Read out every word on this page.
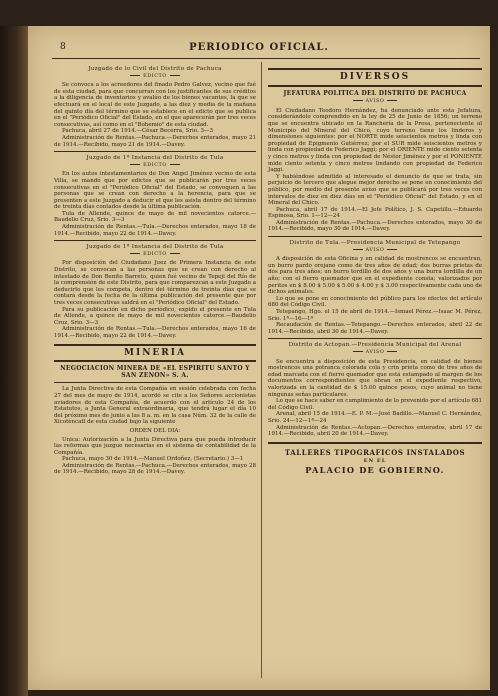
8	PERIODICO OFICIAL.
Juzgado de lo Civil del Distrito de Pachuca
EDICTO

Se convoca a los acreedores del finado Pedro Galvez, vecino que fué de esta ciudad, para que concurran con los justificantes de sus créditos a la diligencia de inventarios y avalúo de los bienes vacantes, la que se efectuará en el local de este Juzgado, a las diez y media de la mañana del quinto día del término que se establece en el edicto que se publica en el "Periódico Oficial" del Estado, en el que aparecerán por tres veces consecutivas, así como en el "Bohemio" de esta ciudad.

Pachuca, abril 27 de 1914.—César Becerra, Srio. 3—3

Administración de Rentas.—Pachuca.—Derechos enterados, mayo 21 de 1914.—Recibido, mayo 21 de 1914.—Davey.

Juzgado de 1ª Instancia del Distrito de Tula
EDICTO

En los autos intestamentarios de Don Angel Jiménez vecino de esta Villa, se mandó que por edictos que se publicarán por tres veces consecutivas en el "Periódico Oficial" del Estado, se convoquen a las personas que se crean con derecho a la herencia, para que se presenten a este Juzgado a deducir el que les asista dentro del término de treinta días contados desde la última publicación.

Tula de Allende, quince de mayo de mil novecientos catorce.—Baudelio Cruz, Srio. 3—3

Administración de Rentas.—Tula.—Derechos enterados, mayo 18 de 1914.—Recibido, mayo 22 de 1914.—Davey.

Juzgado de 1ª Instancia del Distrito de Tula
EDICTO

Por disposición del Ciudadano Juez de Primera Instancia de este Distrito, se convocan a las personas que se crean con derecho al intestado de Don Benito Barreto, quien fué vecino de Tepeji del Río de la comprensión de este Distrito, para que comparezcan a este Juzgado a deducirlo que les competa, dentro del término de treinta días que se contará desde la fecha de la última publicación del presente que por tres veces consecutivas saldrá en el "Periódico Oficial" del Estado.

Para su publicación en dicho periódico, expido el presente en Tula de Allende, a quince de mayo de mil novecientos catorce.—Baudelio Cruz, Srio. 3—3

Administración de Rentas.—Tula.—Derechos enterados, mayo 16 de 1914.—Recibido, mayo 22 de 1914.—Davey.

MINERIA
NEGOCIACION MINERA DE «EL ESPIRITU SANTO Y SAN ZENON» S. A.

La Junta Directiva de esta Compañía en sesión celebrada con fecha 27 del mes de mayo de 1914, acordó se cite a los Señores accionistas aviadores de esta Compañía, de acuerdo con el artículo 24 de los Estatutos, a Junta General extraordinaria, que tendrá lugar el día 10 del próximo mes de junio a las 8 a. m. en la casa Núm. 32 de la calle de Xicoténcatl de esta ciudad bajo la siguiente

ORDEN DEL DIA:

Unica: Autorización a la Junta Directiva para que pueda introducir las reformas que juzgue necesarias en el sistema de contabilidad de la Compañía.

Pachuca, mayo 30 de 1914.—Manuel Ordoñez, (Secretario.) 3—1

Administración de Rentas.—Pachuca.—Derechos enterados, mayo 28 de 1914.—Recibido, mayo 28 de 1914.—Davey.

DIVERSOS
JEFATURA POLITICA DEL DISTRITO DE PACHUCA
AVISO

El Ciudadano Teodoro Hernández, ha denunciado ante esta Jefatura, considerándolo comprendido en la ley de 25 de Junio de 1856; un terreno que se encuentra ubicado en la Ranchería de la Presa, perteneciente al Municipio del Mineral del Chico, cuyo terreno tiene los linderos y dimensiones siguientes: por el NORTE mide seiscientos metros y linda con propiedad de Epigmenio Gutiérrez; por el SUR mide seiscientos metros y linda con propiedad de Federico Jaggi; por el ORIENTE mide ciento setenta y cinco metros y linda con propiedad de Néstor Jiménez y por el PONIENTE mide ciento setenta y cinco metros lindando con propiedad de Federico Jaggi.

Y habiéndose admitido al interesado el denuncio de que se trata, sin perjuicio de tercero que alegue mejor derecho se pone en conocimiento del público, por medio del presente aviso que se publicará por tres veces con intervalos de diez en diez días en el "Periódico Oficial" del Estado, y en el Mineral del Chico.

Pachuca, abril 17 de 1914.—El Jefe Político, J. S. Capetillo.—Eduardo Espinosa, Srio. 1—12—24

Administración de Rentas.—Pachuca.—Derechos enterados, mayo 30 de 1914.—Recibido, mayo 30 de 1914.—Davey.

Distrito de Tula.—Presidencia Municipal de Tetepango
AVISO

A disposición de esta Oficina y en calidad de mostrencos se encuentran, un burro pardo orejano como de tres años de edad; dos burras prietas de dos para tres años; un burro tordillo de dos años y una burra tordilla de un año; con el fierro quemador que en el expediente consta; valorizados por peritos en $ 8.00 $ 5.00 $ 5.00 $ 4.00 y $ 3.00 respectivamente cada uno de dichos animales.

Lo que se pone en conocimiento del público para los efectos del artículo 680 del Código Civil.

Tetepango, Hgo. el 15 de abril de 1914.—Ismael Pérez.—Isaac M. Pérez, Srio. 1ª—16—1ª

Recaudación de Rentas.—Tetepango.—Derechos enterados, abril 22 de 1914.—Recibido, abril 30 de 1914.—Davey.

Distrito de Actopan.—Presidencia Municipal del Arenal
AVISO

Se encuentra a disposición de esta Presidencia, en calidad de bienes mostrencos una potranca colorada cola y crin prieta como de tres años de edad marcada con el fierro quemador que está estampado al margen de los documentos correspondientes que obran en el expediente respectivo, valorizada en la cantidad de $ 15.00 quince pesos, cuyo animal no tiene ningunas señas particulares.

Lo que se hace saber en cumplimiento de lo prevenido por el artículo 681 del Código Civil.

Arenal, abril 15 de 1914.—E. P. M.—José Badillo.—Manuel C. Hernández, Srio. 24—12—1ª—24

Administración de Rentas.—Actopan.—Derechos enterados, abril 17 de 1914.—Recibido, abril 20 de 1914.—Davey.

TALLERES TIPOGRAFICOS INSTALADOS
EN EL
PALACIO DE GOBIERNO.
